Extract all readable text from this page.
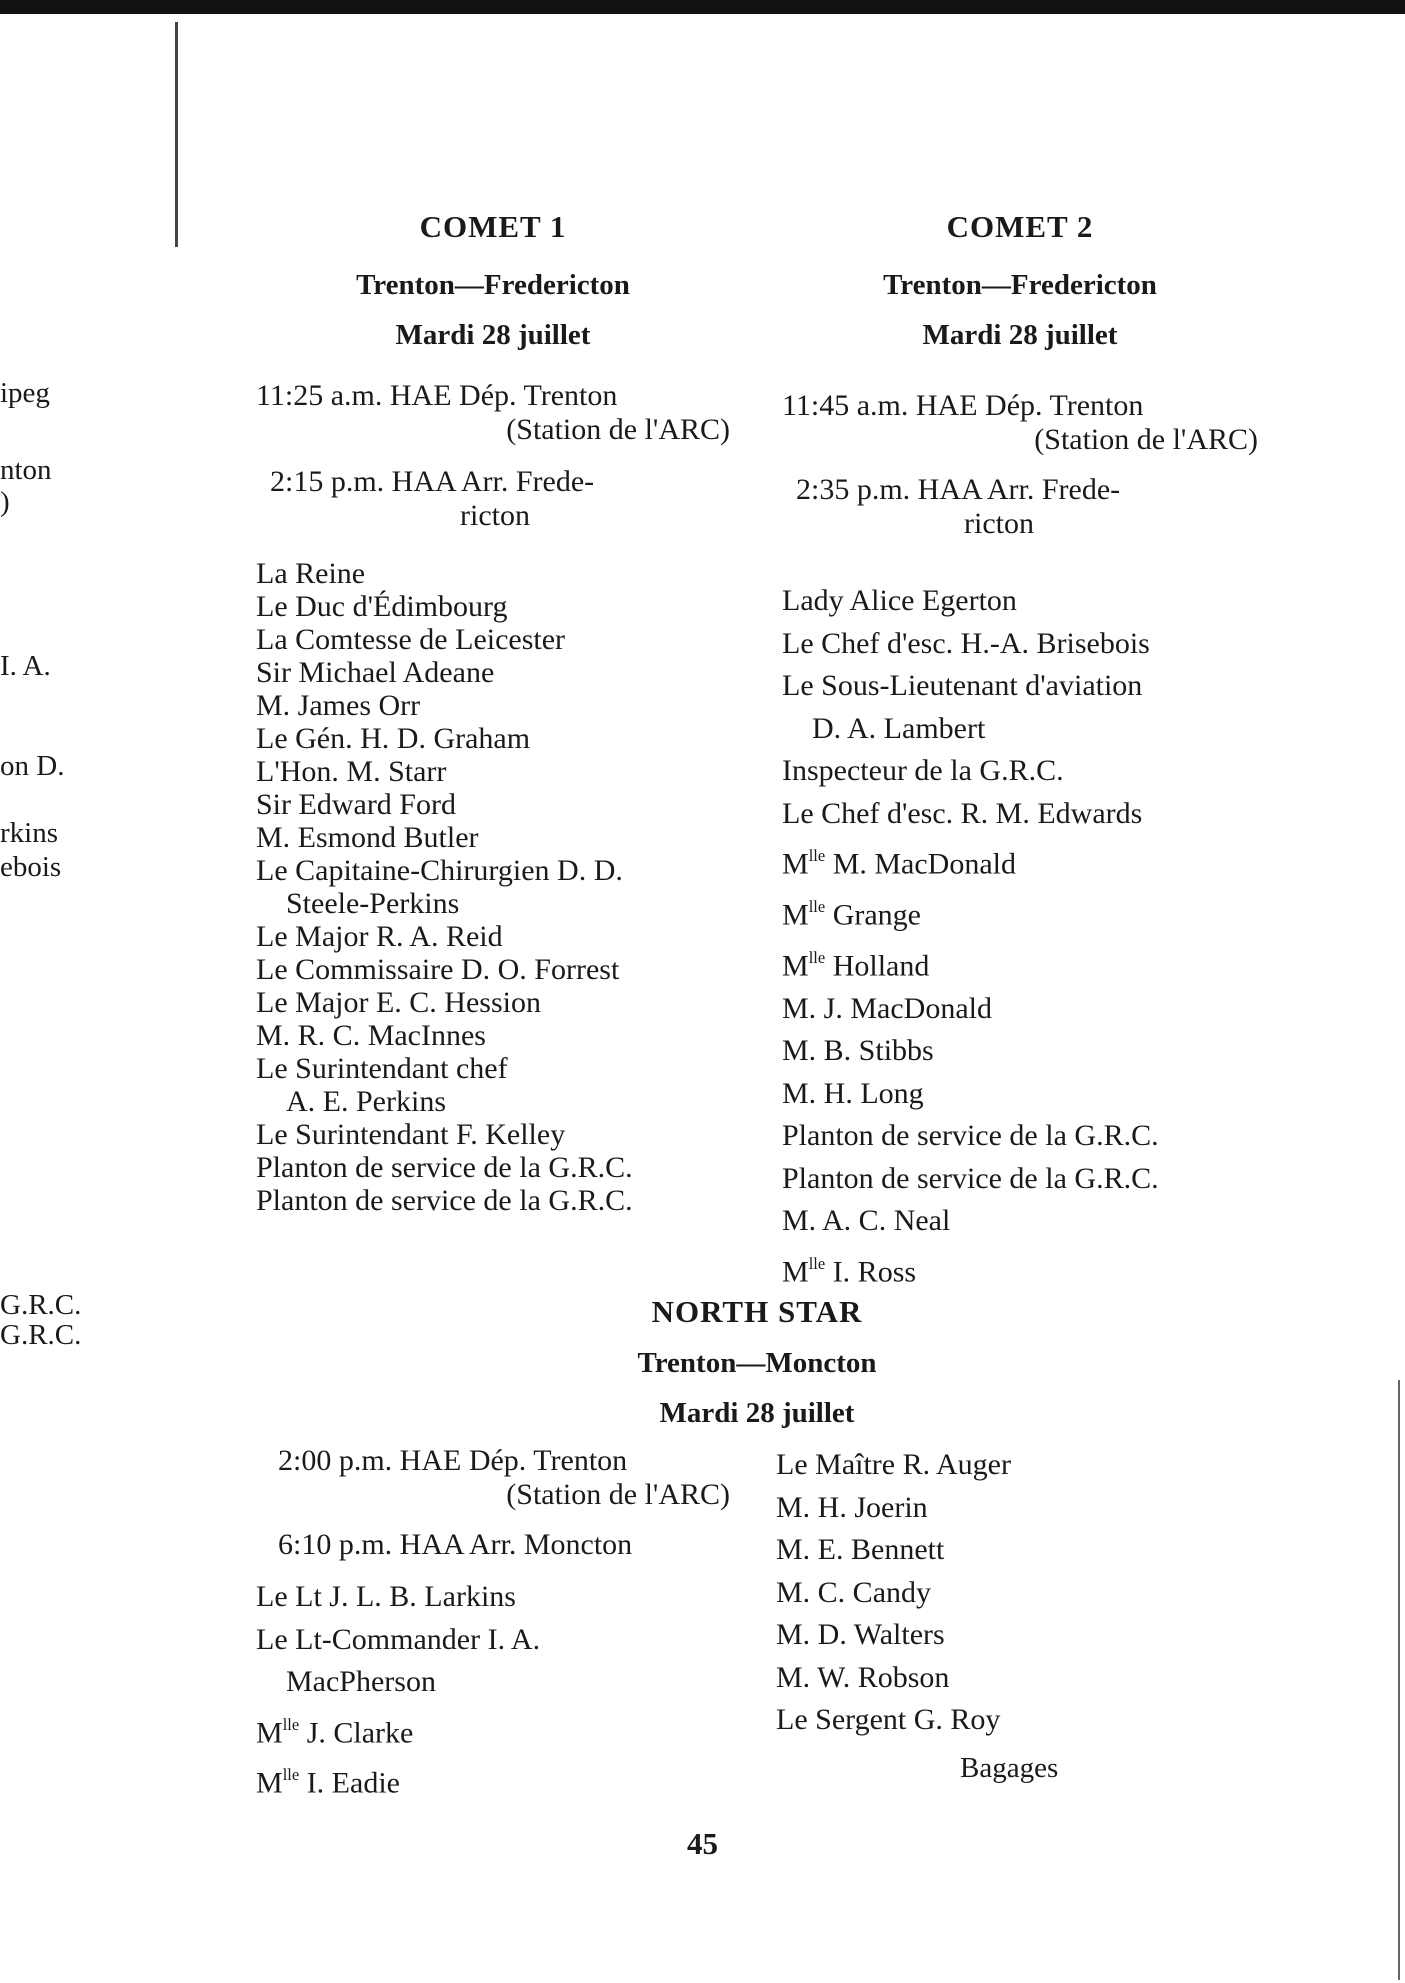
ipeg
nton
)
I. A.
on D.
rkins
ebois
G.R.C.
G.R.C.
COMET 1
Trenton—Fredericton
Mardi 28 juillet
11:25 a.m. HAE Dép. Trenton
(Station de l'ARC)
2:15 p.m. HAA Arr. Frede-
ricton
La Reine
Le Duc d'Édimbourg
La Comtesse de Leicester
Sir Michael Adeane
M. James Orr
Le Gén. H. D. Graham
L'Hon. M. Starr
Sir Edward Ford
M. Esmond Butler
Le Capitaine-Chirurgien D. D.
Steele-Perkins
Le Major R. A. Reid
Le Commissaire D. O. Forrest
Le Major E. C. Hession
M. R. C. MacInnes
Le Surintendant chef
A. E. Perkins
Le Surintendant F. Kelley
Planton de service de la G.R.C.
Planton de service de la G.R.C.
COMET 2
Trenton—Fredericton
Mardi 28 juillet
11:45 a.m. HAE Dép. Trenton
(Station de l'ARC)
2:35 p.m. HAA Arr. Frede-
ricton
Lady Alice Egerton
Le Chef d'esc. H.-A. Brisebois
Le Sous-Lieutenant d'aviation
D. A. Lambert
Inspecteur de la G.R.C.
Le Chef d'esc. R. M. Edwards
$M^{lle}$ M. MacDonald
$M^{lle}$ Grange
$M^{lle}$ Holland
M. J. MacDonald
M. B. Stibbs
M. H. Long
Planton de service de la G.R.C.
Planton de service de la G.R.C.
M. A. C. Neal
$M^{lle}$ I. Ross
NORTH STAR
Trenton—Moncton
Mardi 28 juillet
2:00 p.m. HAE Dép. Trenton
(Station de l'ARC)
6:10 p.m. HAA Arr. Moncton
Le Lt J. L. B. Larkins
Le Lt-Commander I. A.
MacPherson
$M^{lle}$ J. Clarke
$M^{lle}$ I. Eadie
Le Maître R. Auger
M. H. Joerin
M. E. Bennett
M. C. Candy
M. D. Walters
M. W. Robson
Le Sergent G. Roy
Bagages
45
